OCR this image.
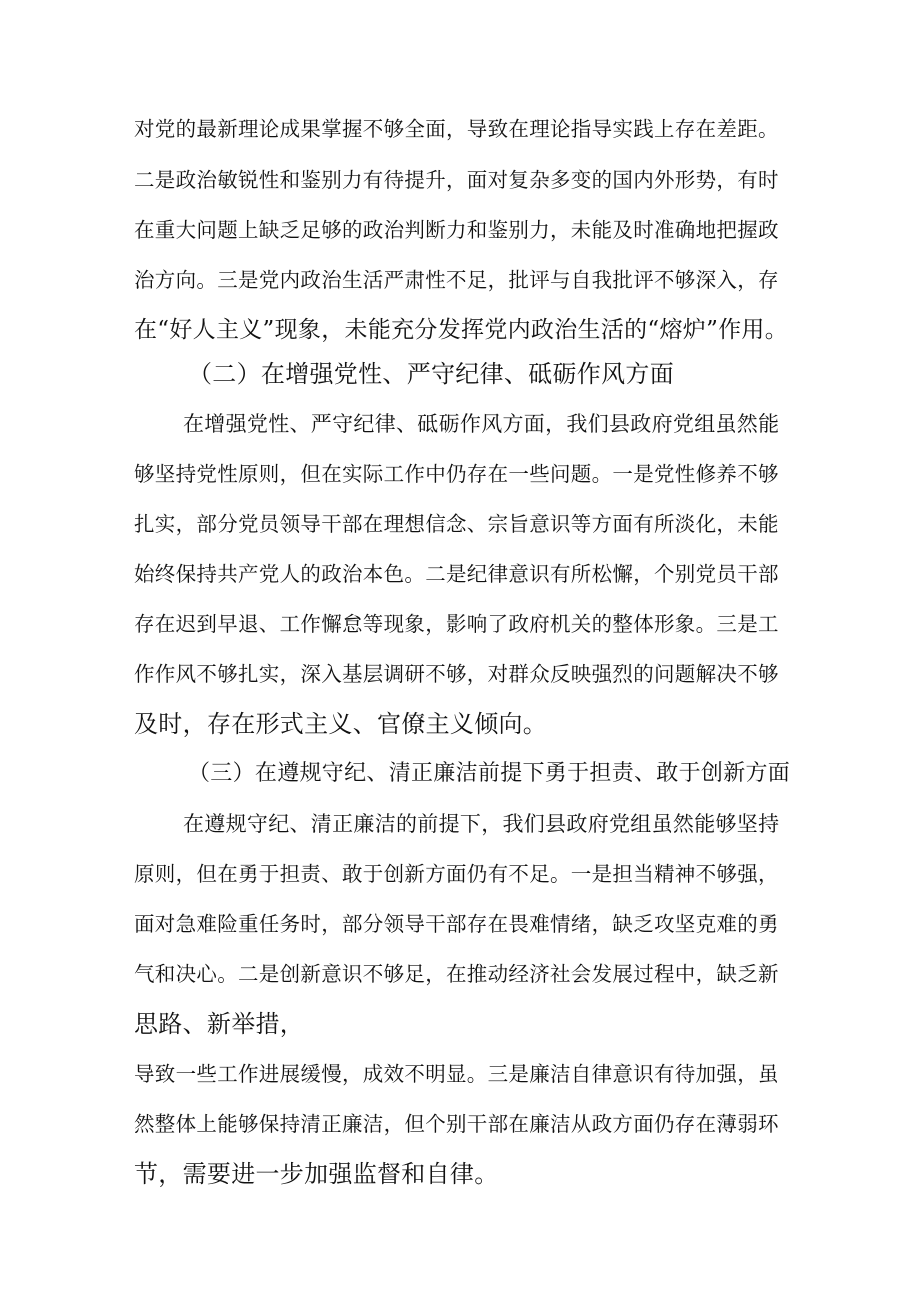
对党的最新理论成果掌握不够全面，导致在理论指导实践上存在差距。
二是政治敏锐性和鉴别力有待提升，面对复杂多变的国内外形势，有时
在重大问题上缺乏足够的政治判断力和鉴别力，未能及时准确地把握政
治方向。三是党内政治生活严肃性不足，批评与自我批评不够深入，存
在“好人主义”现象，未能充分发挥党内政治生活的“熔炉”作用。
（二）在增强党性、严守纪律、砥砺作风方面
在增强党性、严守纪律、砥砺作风方面，我们县政府党组虽然能
够坚持党性原则，但在实际工作中仍存在一些问题。一是党性修养不够
扎实，部分党员领导干部在理想信念、宗旨意识等方面有所淡化，未能
始终保持共产党人的政治本色。二是纪律意识有所松懈，个别党员干部
存在迟到早退、工作懈怠等现象，影响了政府机关的整体形象。三是工
作作风不够扎实，深入基层调研不够，对群众反映强烈的问题解决不够
及时，存在形式主义、官僚主义倾向。
（三）在遵规守纪、清正廉洁前提下勇于担责、敢于创新方面
在遵规守纪、清正廉洁的前提下，我们县政府党组虽然能够坚持
原则，但在勇于担责、敢于创新方面仍有不足。一是担当精神不够强，
面对急难险重任务时，部分领导干部存在畏难情绪，缺乏攻坚克难的勇
气和决心。二是创新意识不够足，在推动经济社会发展过程中，缺乏新
思路、新举措，
导致一些工作进展缓慢，成效不明显。三是廉洁自律意识有待加强，虽
然整体上能够保持清正廉洁，但个别干部在廉洁从政方面仍存在薄弱环
节，需要进一步加强监督和自律。
